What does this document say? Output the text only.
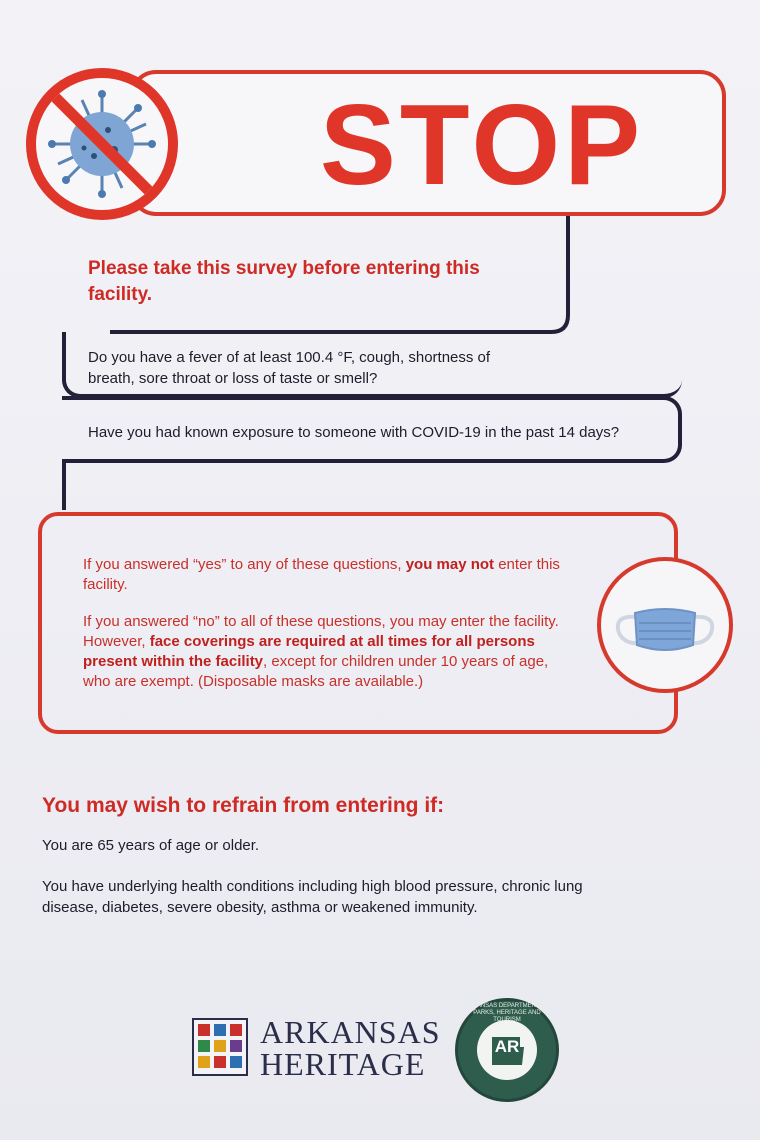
STOP
Please take this survey before entering this facility.
Do you have a fever of at least 100.4 °F, cough, shortness of breath, sore throat or loss of taste or smell?
Have you had known exposure to someone with COVID-19 in the past 14 days?
If you answered “yes” to any of these questions, you may not enter this facility.
If you answered “no” to all of these questions, you may enter the facility. However, face coverings are required at all times for all persons present within the facility, except for children under 10 years of age, who are exempt. (Disposable masks are available.)
You may wish to refrain from entering if:
You are 65 years of age or older.
You have underlying health conditions including high blood pressure, chronic lung disease, diabetes, severe obesity, asthma or weakened immunity.
ARKANSAS
HERITAGE	AR
ARKANSAS DEPARTMENT OF PARKS, HERITAGE AND TOURISM
